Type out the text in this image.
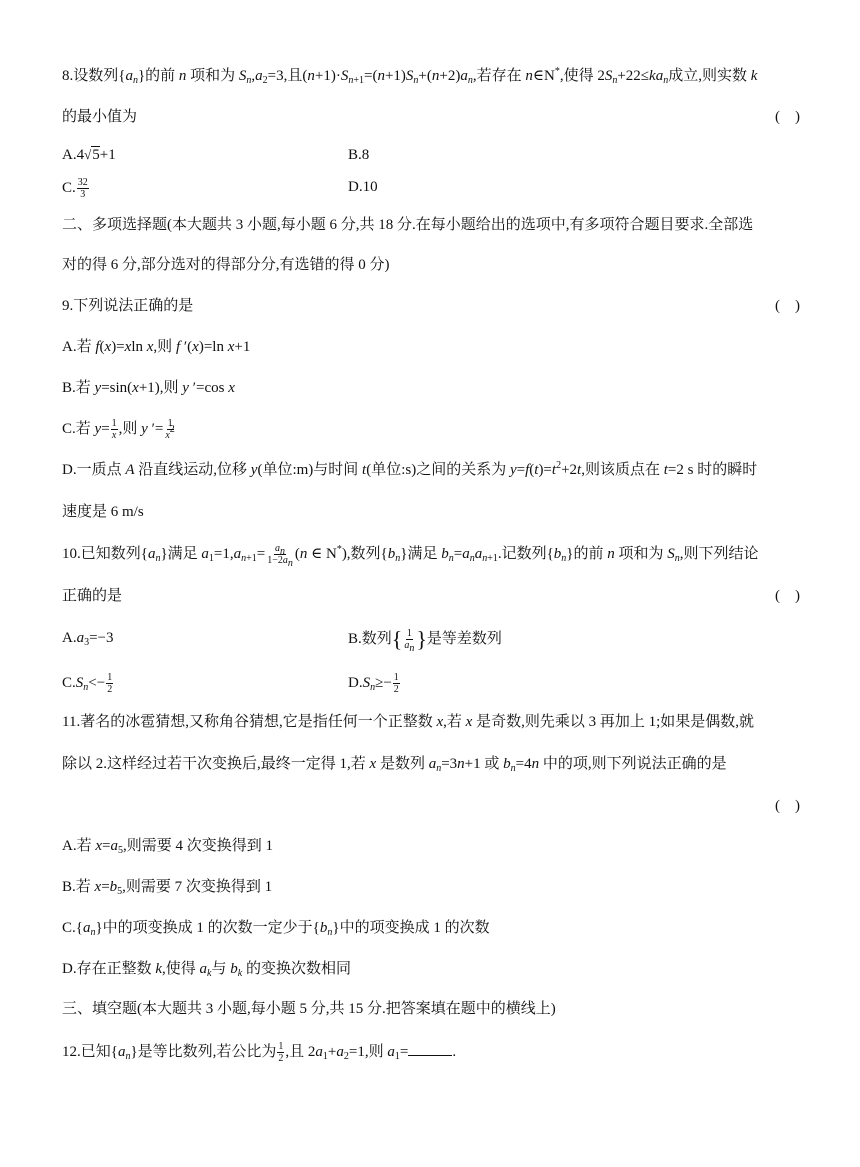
8.设数列$\{a_n\}$的前 n 项和为 $S_n,a_2=3$,且$(n+1)\cdot S_{n+1}=(n+1)S_n+(n+2)a_n$,若存在 n∈N*,使得 $2S_n+22\le ka_n$成立,则实数 k
的最小值为	(　)
A.4√5+1	B.8
C. $\frac{32}{3}$	D.10
二、多项选择题(本大题共 3 小题,每小题 6 分,共 18 分.在每小题给出的选项中,有多项符合题目要求.全部选
对的得 6 分,部分选对的得部分分,有选错的得 0 分)
9.下列说法正确的是	(　)
A.若 f(x)=xln x,则 f ′(x)=ln x+1
B.若 y=sin(x+1),则 y ′=cos x
C.若 $y= \frac{1}{x}$ ,则 y ′= $\frac{1}{x^2}$
D.一质点 A 沿直线运动,位移 y(单位:m)与时间 t(单位:s)之间的关系为 $y=f(t)=t^2+2t$,则该质点在 t=2 s 时的瞬时
速度是 6 m/s
10.已知数列$\{a_n\}$满足 $a_1=1,a_{n+1}= \frac{a_n}{1-2a_n} (n$ ∈ N*),数列$\{b_n\}$满足 $b_n=a_na_{n+1}$.记数列$\{b_n\}$的前 n 项和为 $S_n$,则下列结论
正确的是	(　)
$A.a_3=-3$	B.数列{ $\frac{1}{a_n}$ }是等差数列
$C.S_n<- \frac{1}{2}$	$D.S_n\ge- \frac{1}{2}$
11.著名的冰雹猜想,又称角谷猜想,它是指任何一个正整数 x,若 x 是奇数,则先乘以 3 再加上 1;如果是偶数,就
除以 2.这样经过若干次变换后,最终一定得 1,若 x 是数列 $a_n=3n+1$ 或 $b_n=4n$ 中的项,则下列说法正确的是
(　)
A.若 $x=a_5$,则需要 4 次变换得到 1
B.若 $x=b_5$,则需要 7 次变换得到 1
$C.\{a_n\}$中的项变换成 1 的次数一定少于$\{b_n\}$中的项变换成 1 的次数
D.存在正整数 k,使得 $a_k$与 $b_k$ 的变换次数相同
三、填空题(本大题共 3 小题,每小题 5 分,共 15 分.把答案填在题中的横线上)
12.已知$\{a_n\}$是等比数列,若公比为 $\frac{1}{2}$ ,且 $2a_1+a_2=1$,则 $a_1=$	.
